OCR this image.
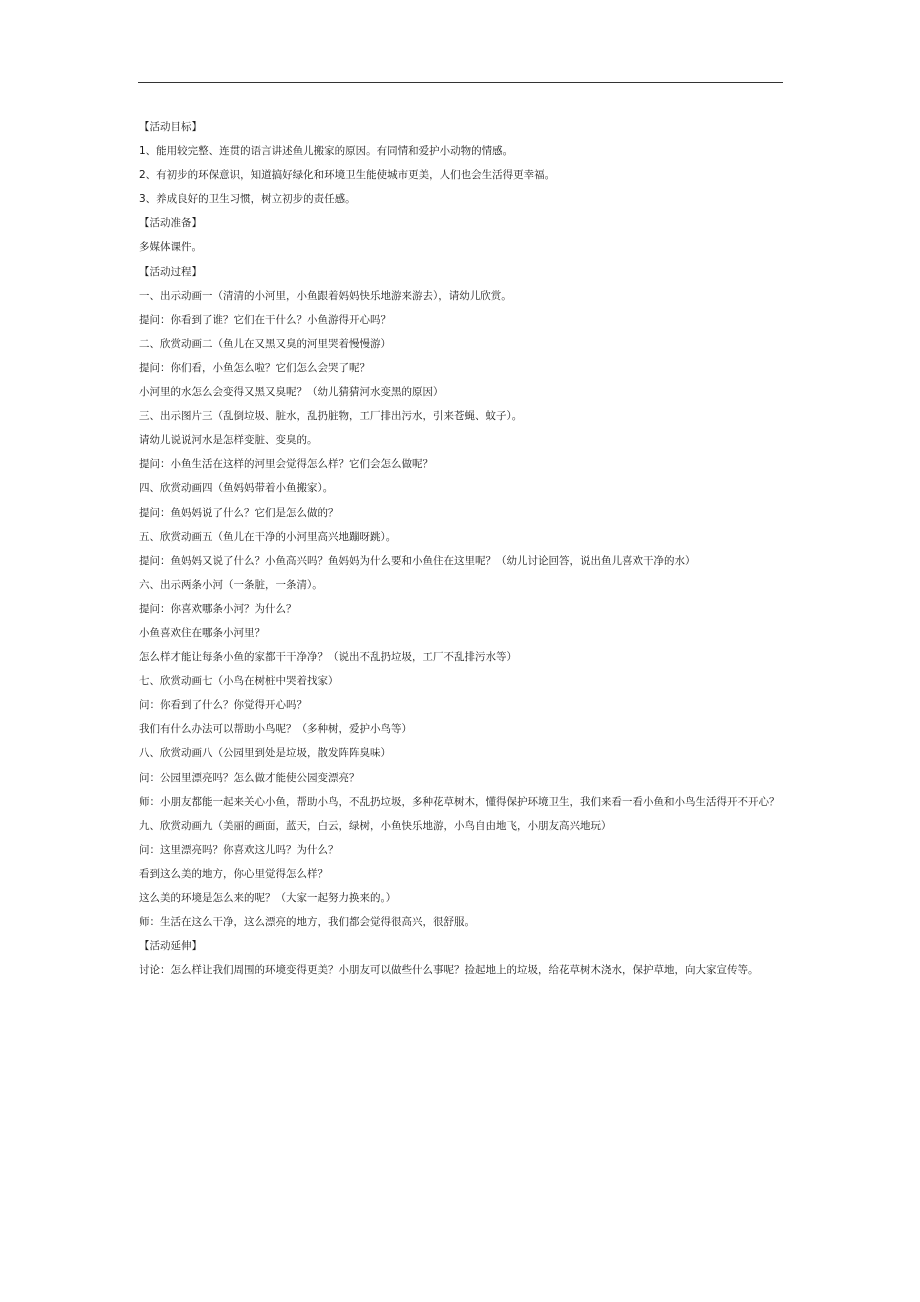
【活动目标】
1、能用较完整、连贯的语言讲述鱼儿搬家的原因。有同情和爱护小动物的情感。
2、有初步的环保意识，知道搞好绿化和环境卫生能使城市更美，人们也会生活得更幸福。
3、养成良好的卫生习惯，树立初步的责任感。
【活动准备】
多媒体课件。
【活动过程】
一、出示动画一（清清的小河里，小鱼跟着妈妈快乐地游来游去），请幼儿欣赏。
提问：你看到了谁？它们在干什么？小鱼游得开心吗？
二、欣赏动画二（鱼儿在又黑又臭的河里哭着慢慢游）
提问：你们看，小鱼怎么啦？它们怎么会哭了呢？
小河里的水怎么会变得又黑又臭呢？（幼儿猜猜河水变黑的原因）
三、出示图片三（乱倒垃圾、脏水，乱扔脏物，工厂排出污水，引来苍蝇、蚊子）。
请幼儿说说河水是怎样变脏、变臭的。
提问：小鱼生活在这样的河里会觉得怎么样？它们会怎么做呢？
四、欣赏动画四（鱼妈妈带着小鱼搬家）。
提问：鱼妈妈说了什么？它们是怎么做的？
五、欣赏动画五（鱼儿在干净的小河里高兴地蹦呀跳）。
提问：鱼妈妈又说了什么？小鱼高兴吗？鱼妈妈为什么要和小鱼住在这里呢？（幼儿讨论回答，说出鱼儿喜欢干净的水）
六、出示两条小河（一条脏，一条清）。
提问：你喜欢哪条小河？为什么？
小鱼喜欢住在哪条小河里？
怎么样才能让每条小鱼的家都干干净净？（说出不乱扔垃圾，工厂不乱排污水等）
七、欣赏动画七（小鸟在树桩中哭着找家）
问：你看到了什么？你觉得开心吗？
我们有什么办法可以帮助小鸟呢？（多种树，爱护小鸟等）
八、欣赏动画八（公园里到处是垃圾，散发阵阵臭味）
问：公园里漂亮吗？怎么做才能使公园变漂亮？
师：小朋友都能一起来关心小鱼，帮助小鸟，不乱扔垃圾，多种花草树木，懂得保护环境卫生，我们来看一看小鱼和小鸟生活得开不开心？
九、欣赏动画九（美丽的画面，蓝天，白云，绿树，小鱼快乐地游，小鸟自由地飞，小朋友高兴地玩）
问：这里漂亮吗？你喜欢这儿吗？为什么？
看到这么美的地方，你心里觉得怎么样？
这么美的环境是怎么来的呢？（大家一起努力换来的。）
师：生活在这么干净，这么漂亮的地方，我们都会觉得很高兴，很舒服。
【活动延伸】
讨论：怎么样让我们周围的环境变得更美？小朋友可以做些什么事呢？捡起地上的垃圾，给花草树木浇水，保护草地，向大家宣传等。
